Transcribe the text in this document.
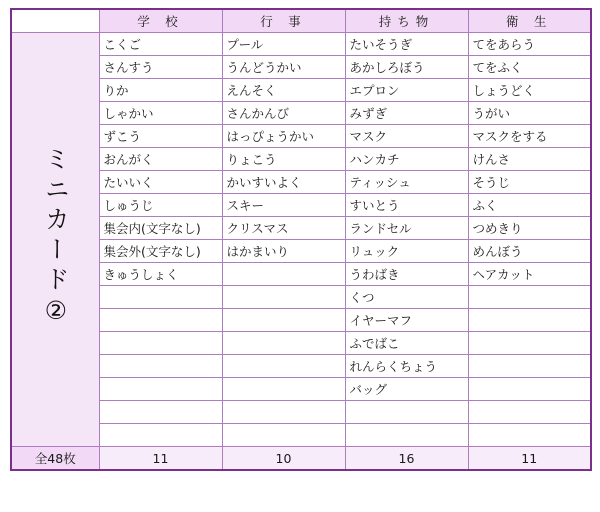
	学 校	行 事	持ち物	衛 生
ミニカード②	こくご	プール	たいそうぎ	てをあらう
	さんすう	うんどうかい	あかしろぼう	てをふく
	りか	えんそく	エプロン	しょうどく
	しゃかい	さんかんび	みずぎ	うがい
	ずこう	はっぴょうかい	マスク	マスクをする
	おんがく	りょこう	ハンカチ	けんさ
	たいいく	かいすいよく	ティッシュ	そうじ
	しゅうじ	スキー	すいとう	ふく
	集会内(文字なし)	クリスマス	ランドセル	つめきり
	集会外(文字なし)	はかまいり	リュック	めんぼう
	きゅうしょく		うわばき	ヘアカット
			くつ	
			イヤーマフ	
			ふでばこ	
			れんらくちょう	
			バッグ	

全48枚	11	10	16	11
